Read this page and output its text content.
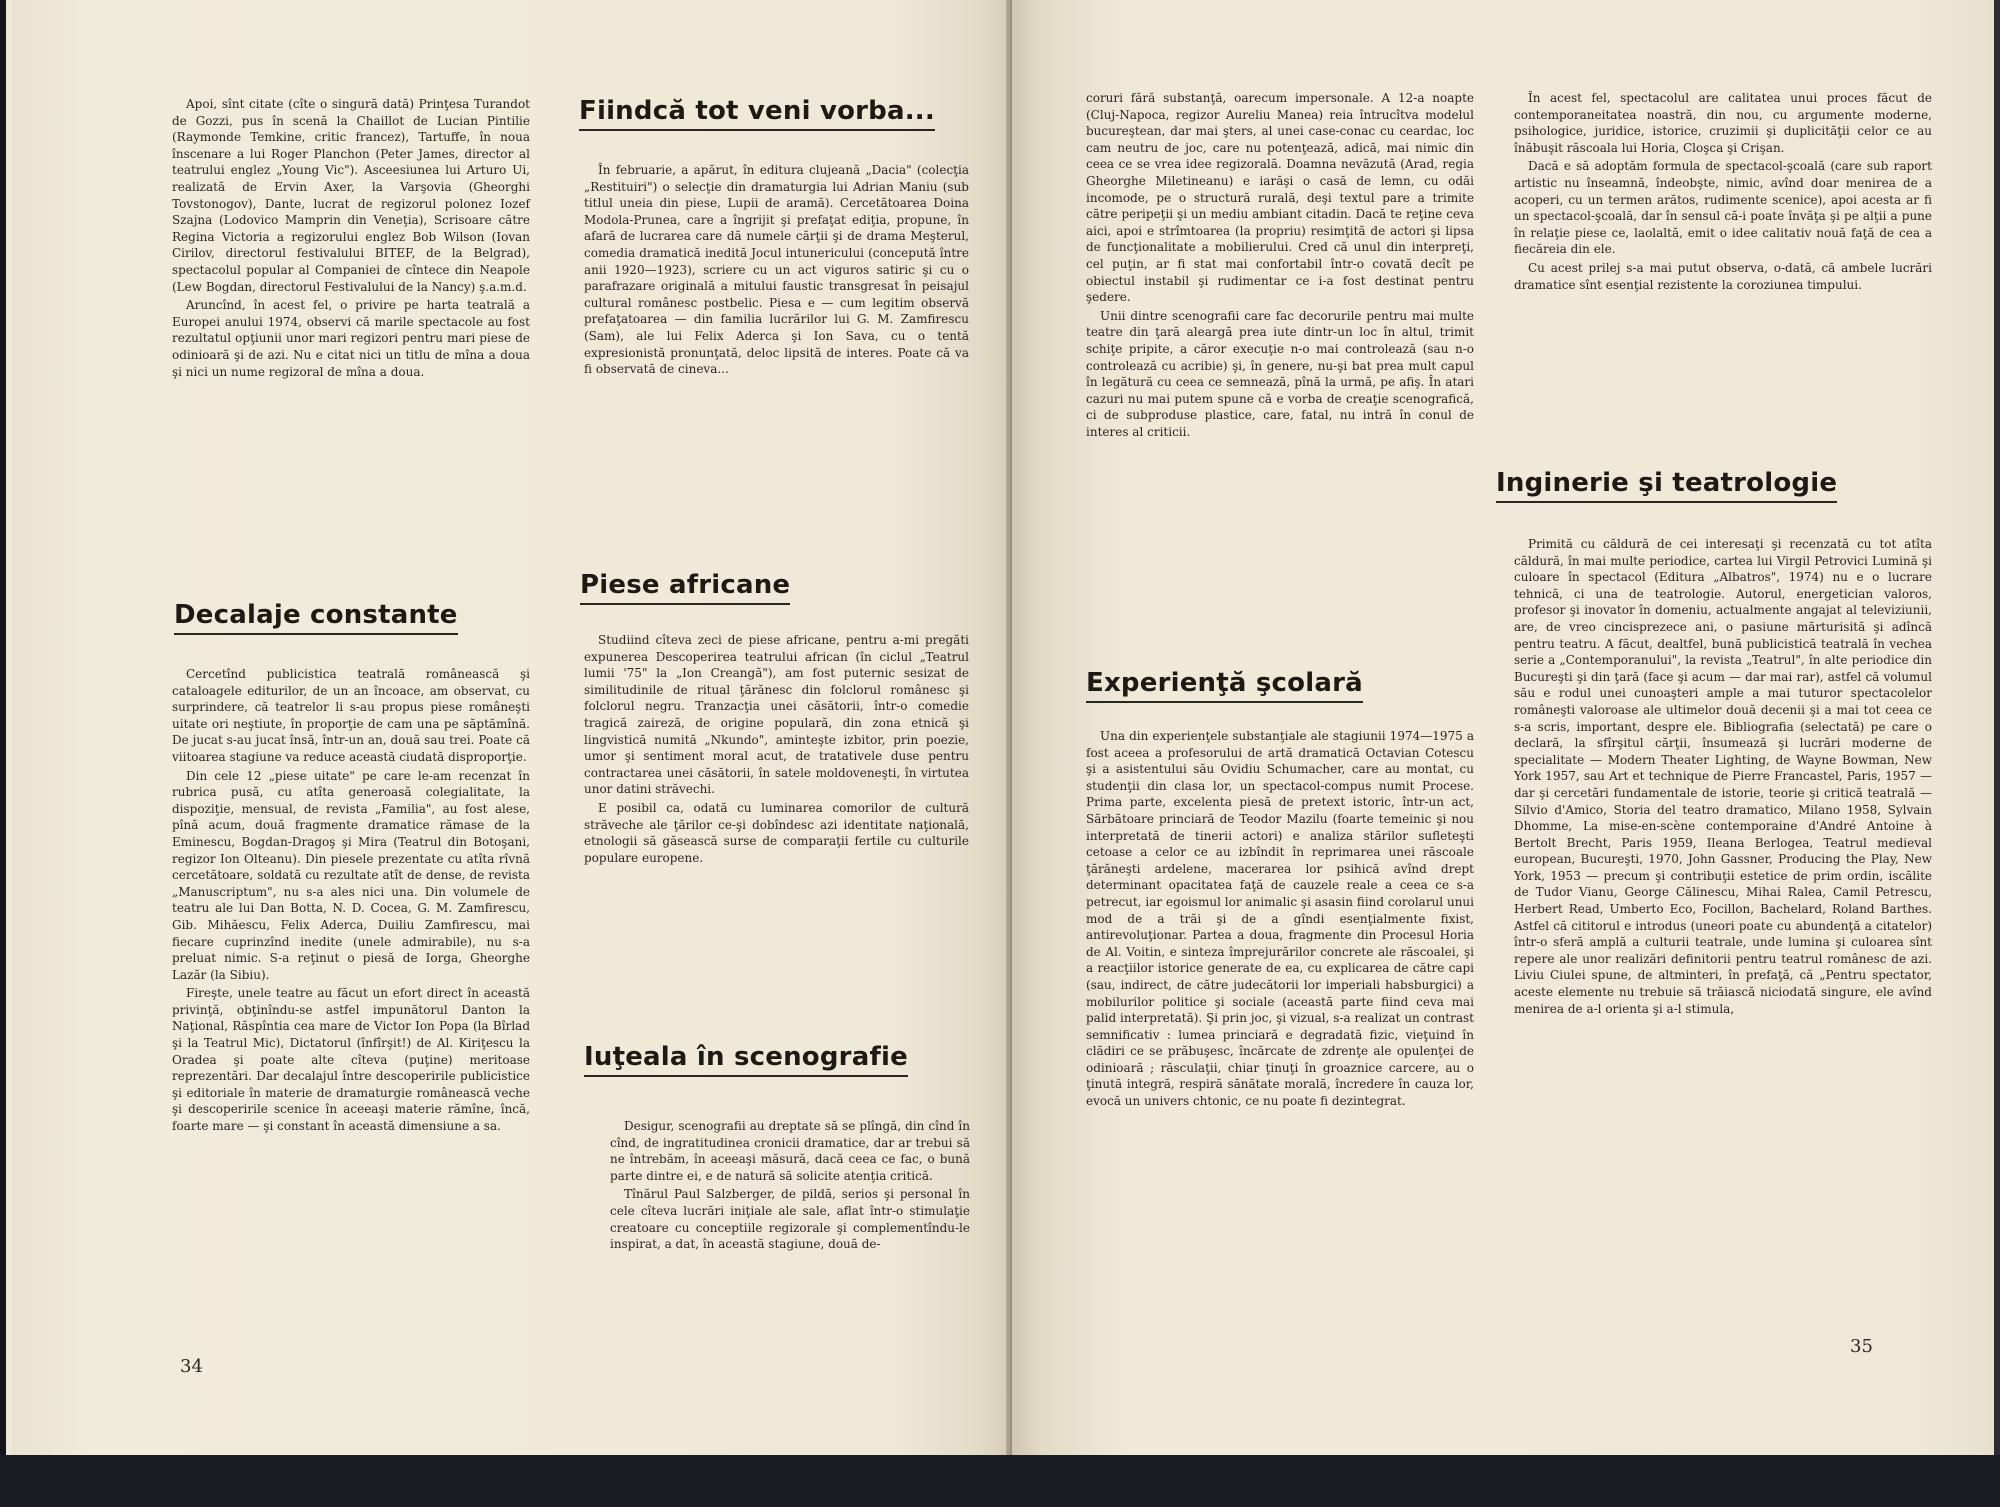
Apoi, sînt citate (cîte o singură dată) Prinţesa Turandot de Gozzi, pus în scenă la Chaillot de Lucian Pintilie (Raymonde Temkine, critic francez), Tartuffe, în noua înscenare a lui Roger Planchon (Peter James, director al teatrului englez „Young Vic"). Asceesiunea lui Arturo Ui, realizată de Ervin Axer, la Varşovia (Gheorghi Tovstonogov), Dante, lucrat de regizorul polonez Iozef Szajna (Lodovico Mamprin din Veneţia), Scrisoare către Regina Victoria a regizorului englez Bob Wilson (Iovan Cirilov, directorul festivalului BITEF, de la Belgrad), spectacolul popular al Companiei de cîntece din Neapole (Lew Bogdan, directorul Festivalului de la Nancy) ş.a.m.d.

Aruncînd, în acest fel, o privire pe harta teatrală a Europei anului 1974, observi că marile spectacole au fost rezultatul opţiunii unor mari regizori pentru mari piese de odinioară şi de azi. Nu e citat nici un titlu de mîna a doua şi nici un nume regizoral de mîna a doua.

Decalaje constante

Cercetînd publicistica teatrală românească şi cataloagele editurilor, de un an încoace, am observat, cu surprindere, că teatrelor li s-au propus piese româneşti uitate ori neştiute, în proporţie de cam una pe săptămînă. De jucat s-au jucat însă, într-un an, două sau trei. Poate că viitoarea stagiune va reduce această ciudată disproporţie.

Din cele 12 „piese uitate" pe care le-am recenzat în rubrica pusă, cu atîta generoasă colegialitate, la dispoziţie, mensual, de revista „Familia", au fost alese, pînă acum, două fragmente dramatice rămase de la Eminescu, Bogdan-Dragoş şi Mira (Teatrul din Botoşani, regizor Ion Olteanu). Din piesele prezentate cu atîta rîvnă cercetătoare, soldată cu rezultate atît de dense, de revista „Manuscriptum", nu s-a ales nici una. Din volumele de teatru ale lui Dan Botta, N. D. Cocea, G. M. Zamfirescu, Gib. Mihăescu, Felix Aderca, Duiliu Zamfirescu, mai fiecare cuprinzînd inedite (unele admirabile), nu s-a preluat nimic. S-a reţinut o piesă de Iorga, Gheorghe Lazăr (la Sibiu).

Fireşte, unele teatre au făcut un efort direct în această privinţă, obţinîndu-se astfel impunătorul Danton la Naţional, Răspîntia cea mare de Victor Ion Popa (la Bîrlad şi la Teatrul Mic), Dictatorul (înfîrşit!) de Al. Kiriţescu la Oradea şi poate alte cîteva (puţine) meritoase reprezentări. Dar decalajul între descoperirile publicistice şi editoriale în materie de dramaturgie românească veche şi descoperirile scenice în aceeaşi materie rămîne, încă, foarte mare — şi constant în această dimensiune a sa.

Fiindcă tot veni vorba...

În februarie, a apărut, în editura clujeană „Dacia" (colecţia „Restituiri") o selecţie din dramaturgia lui Adrian Maniu (sub titlul uneia din piese, Lupii de aramă). Cercetătoarea Doina Modola-Prunea, care a îngrijit şi prefaţat ediţia, propune, în afară de lucrarea care dă numele cărţii şi de drama Meşterul, comedia dramatică inedită Jocul intunericului (concepută între anii 1920—1923), scriere cu un act viguros satiric şi cu o parafrazare originală a mitului faustic transgresat în peisajul cultural românesc postbelic. Piesa e — cum legitim observă prefaţatoarea — din familia lucrărilor lui G. M. Zamfirescu (Sam), ale lui Felix Aderca şi Ion Sava, cu o tentă expresionistă pronunţată, deloc lipsită de interes. Poate că va fi observată de cineva...

Piese africane

Studiind cîteva zeci de piese africane, pentru a-mi pregăti expunerea Descoperirea teatrului african (în ciclul „Teatrul lumii '75" la „Ion Creangă"), am fost puternic sesizat de similitudinile de ritual ţărănesc din folclorul românesc şi folclorul negru. Tranzacţia unei căsătorii, într-o comedie tragică zaireză, de origine populară, din zona etnică şi lingvistică numită „Nkundo", aminteşte izbitor, prin poezie, umor şi sentiment moral acut, de tratativele duse pentru contractarea unei căsătorii, în satele moldoveneşti, în virtutea unor datini străvechi.

E posibil ca, odată cu luminarea comorilor de cultură străveche ale ţărilor ce-şi dobîndesc azi identitate naţională, etnologii să găsească surse de comparaţii fertile cu culturile populare europene.

Iuţeala în scenografie

Desigur, scenografii au dreptate să se plîngă, din cînd în cînd, de ingratitudinea cronicii dramatice, dar ar trebui să ne întrebăm, în aceeaşi măsură, dacă ceea ce fac, o bună parte dintre ei, e de natură să solicite atenţia critică.

Tînărul Paul Salzberger, de pildă, serios şi personal în cele cîteva lucrări iniţiale ale sale, aflat într-o stimulaţie creatoare cu conceptiile regizorale şi complementîndu-le inspirat, a dat, în această stagiune, două de-

34

coruri fără substanţă, oarecum impersonale. A 12-a noapte (Cluj-Napoca, regizor Aureliu Manea) reia întrucîtva modelul bucureştean, dar mai şters, al unei case-conac cu ceardac, loc cam neutru de joc, care nu potenţează, adică, mai nimic din ceea ce se vrea idee regizorală. Doamna nevăzută (Arad, regia Gheorghe Miletineanu) e iarăşi o casă de lemn, cu odăi incomode, pe o structură rurală, deşi textul pare a trimite către peripeţii şi un mediu ambiant citadin. Dacă te reţine ceva aici, apoi e strîmtoarea (la propriu) resimţită de actori şi lipsa de funcţionalitate a mobilierului. Cred că unul din interpreţi, cel puţin, ar fi stat mai confortabil într-o covată decît pe obiectul instabil şi rudimentar ce i-a fost destinat pentru şedere.

Unii dintre scenografii care fac decorurile pentru mai multe teatre din ţară aleargă prea iute dintr-un loc în altul, trimit schiţe pripite, a căror execuţie n-o mai controlează (sau n-o controlează cu acribie) şi, în genere, nu-şi bat prea mult capul în legătură cu ceea ce semnează, pînă la urmă, pe afiş. În atari cazuri nu mai putem spune că e vorba de creaţie scenografică, ci de subproduse plastice, care, fatal, nu intră în conul de interes al criticii.

Experienţă şcolară

Una din experienţele substanţiale ale stagiunii 1974—1975 a fost aceea a profesorului de artă dramatică Octavian Cotescu şi a asistentului său Ovidiu Schumacher, care au montat, cu studenţii din clasa lor, un spectacol-compus numit Procese. Prima parte, excelenta piesă de pretext istoric, într-un act, Sărbătoare princiară de Teodor Mazilu (foarte temeinic şi nou interpretată de tinerii actori) e analiza stărilor sufleteşti cetoase a celor ce au izbîndit în reprimarea unei răscoale ţărăneşti ardelene, macerarea lor psihică avînd drept determinant opacitatea faţă de cauzele reale a ceea ce s-a petrecut, iar egoismul lor animalic şi asasin fiind corolarul unui mod de a trăi şi de a gîndi esenţialmente fixist, antirevoluţionar. Partea a doua, fragmente din Procesul Horia de Al. Voitin, e sinteza împrejurărilor concrete ale răscoalei, şi a reacţiilor istorice generate de ea, cu explicarea de către capi (sau, indirect, de către judecătorii lor imperiali habsburgici) a mobilurilor politice şi sociale (această parte fiind ceva mai palid interpretată). Şi prin joc, şi vizual, s-a realizat un contrast semnificativ : lumea princiară e degradată fizic, vieţuind în clădiri ce se prăbuşesc, încărcate de zdrenţe ale opulenţei de odinioară ; răsculaţii, chiar ţinuţi în groaznice carcere, au o ţinută integră, respiră sănătate morală, încredere în cauza lor, evocă un univers chtonic, ce nu poate fi dezintegrat.

În acest fel, spectacolul are calitatea unui proces făcut de contemporaneitatea noastră, din nou, cu argumente moderne, psihologice, juridice, istorice, cruzimii şi duplicităţii celor ce au înăbuşit răscoala lui Horia, Cloşca şi Crişan.

Dacă e să adoptăm formula de spectacol-şcoală (care sub raport artistic nu înseamnă, îndeobşte, nimic, avînd doar menirea de a acoperi, cu un termen arătos, rudimente scenice), apoi acesta ar fi un spectacol-şcoală, dar în sensul că-i poate învăţa şi pe alţii a pune în relaţie piese ce, laolaltă, emit o idee calitativ nouă faţă de cea a fiecăreia din ele.

Cu acest prilej s-a mai putut observa, o-dată, că ambele lucrări dramatice sînt esenţial rezistente la coroziunea timpului.

Inginerie şi teatrologie

Primită cu căldură de cei interesaţi şi recenzată cu tot atîta căldură, în mai multe periodice, cartea lui Virgil Petrovici Lumină şi culoare în spectacol (Editura „Albatros", 1974) nu e o lucrare tehnică, ci una de teatrologie. Autorul, energetician valoros, profesor şi inovator în domeniu, actualmente angajat al televiziunii, are, de vreo cincisprezece ani, o pasiune mărturisită şi adîncă pentru teatru. A făcut, dealtfel, bună publicistică teatrală în vechea serie a „Contemporanului", la revista „Teatrul", în alte periodice din Bucureşti şi din ţară (face şi acum — dar mai rar), astfel că volumul său e rodul unei cunoaşteri ample a mai tuturor spectacolelor româneşti valoroase ale ultimelor două decenii şi a mai tot ceea ce s-a scris, important, despre ele. Bibliografia (selectată) pe care o declară, la sfîrşitul cărţii, însumează şi lucrări moderne de specialitate — Modern Theater Lighting, de Wayne Bowman, New York 1957, sau Art et technique de Pierre Francastel, Paris, 1957 — dar şi cercetări fundamentale de istorie, teorie şi critică teatrală — Silvio d'Amico, Storia del teatro dramatico, Milano 1958, Sylvain Dhomme, La mise-en-scène contemporaine d'André Antoine à Bertolt Brecht, Paris 1959, Ileana Berlogea, Teatrul medieval european, Bucureşti, 1970, John Gassner, Producing the Play, New York, 1953 — precum şi contribuţii estetice de prim ordin, iscălite de Tudor Vianu, George Călinescu, Mihai Ralea, Camil Petrescu, Herbert Read, Umberto Eco, Focillon, Bachelard, Roland Barthes. Astfel că cititorul e introdus (uneori poate cu abundenţă a citatelor) într-o sferă amplă a culturii teatrale, unde lumina şi culoarea sînt repere ale unor realizări definitorii pentru teatrul românesc de azi. Liviu Ciulei spune, de altminteri, în prefaţă, că „Pentru spectator, aceste elemente nu trebuie să trăiască niciodată singure, ele avînd menirea de a-l orienta şi a-l stimula,

35
